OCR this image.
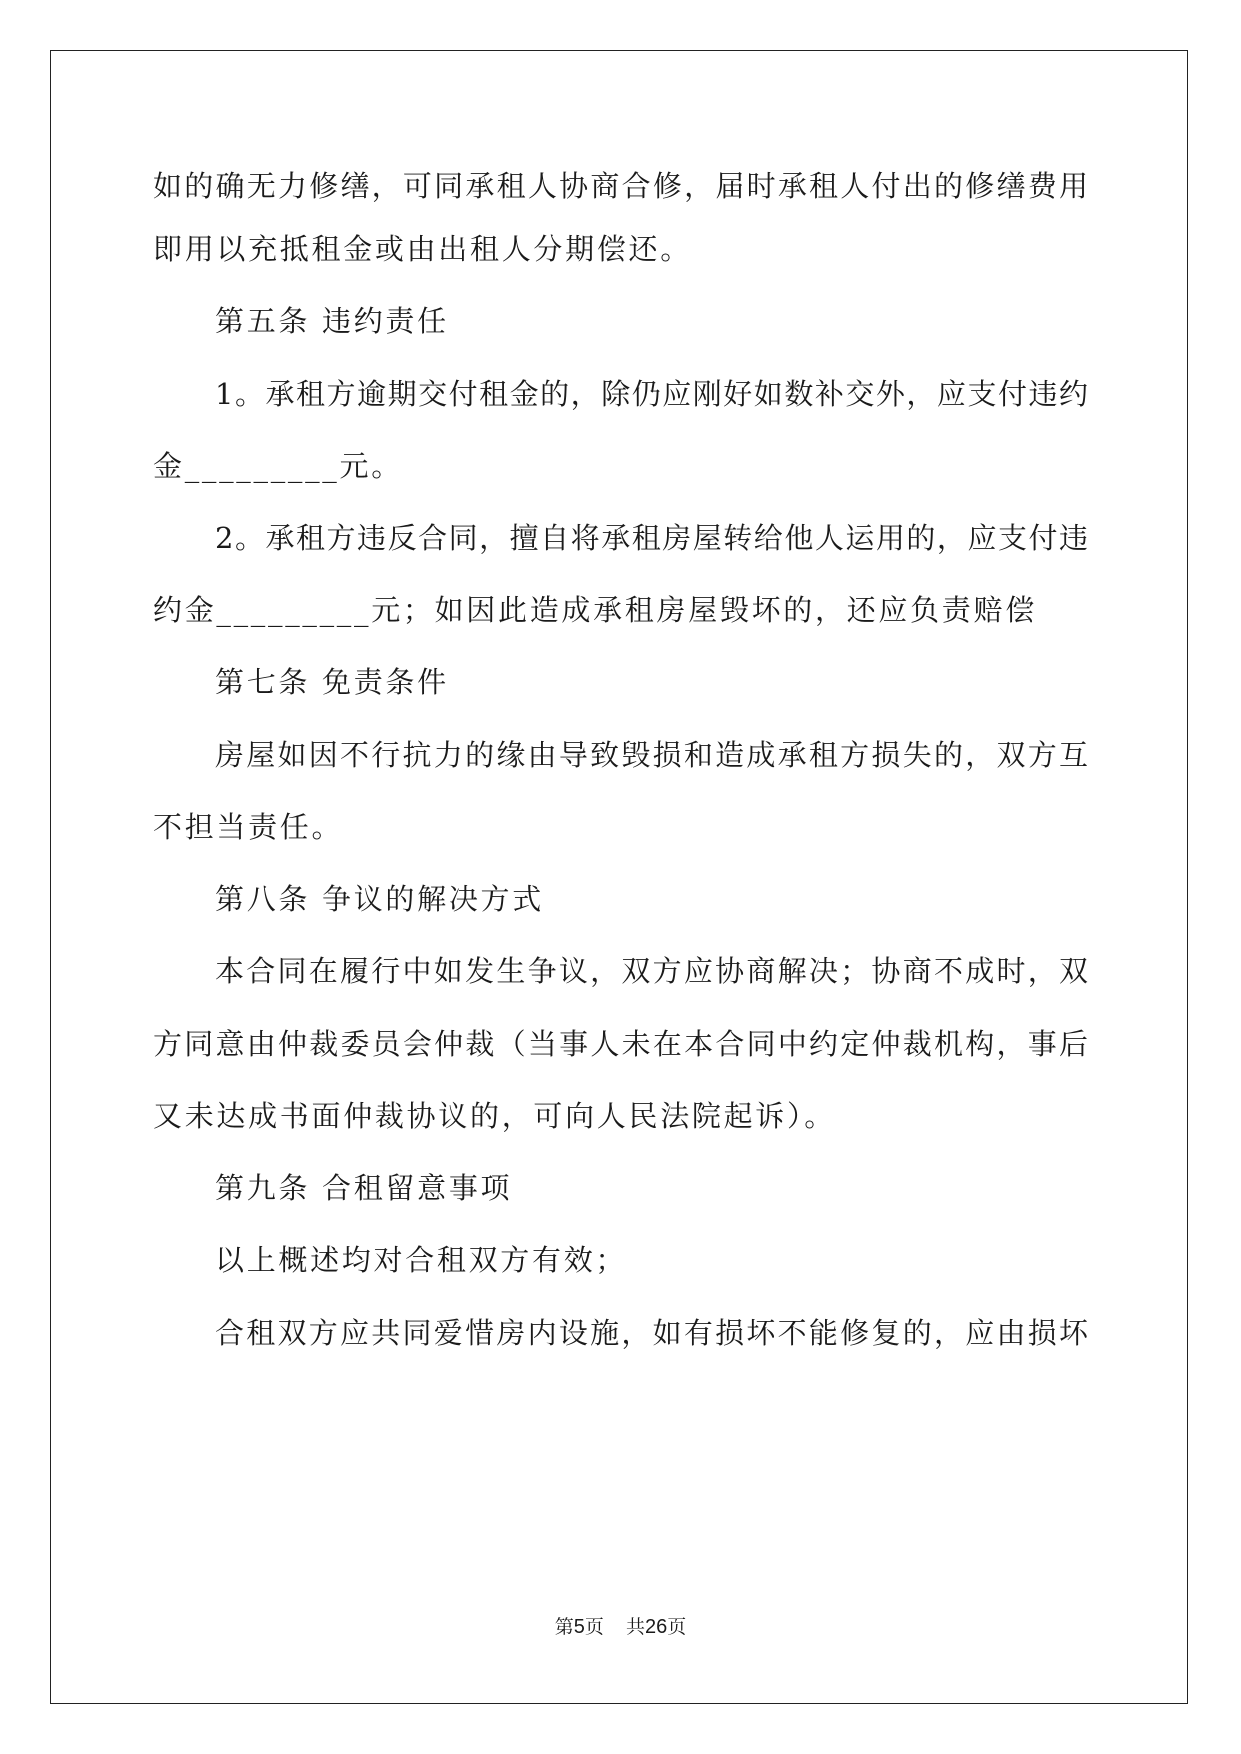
如的确无力修缮，可同承租人协商合修，届时承租人付出的修缮费用
即用以充抵租金或由出租人分期偿还。
第五条 违约责任
1。承租方逾期交付租金的，除仍应刚好如数补交外，应支付违约
金_________元。
2。承租方违反合同，擅自将承租房屋转给他人运用的，应支付违
约金_________元；如因此造成承租房屋毁坏的，还应负责赔偿
第七条 免责条件
房屋如因不行抗力的缘由导致毁损和造成承租方损失的，双方互
不担当责任。
第八条 争议的解决方式
本合同在履行中如发生争议，双方应协商解决；协商不成时，双
方同意由仲裁委员会仲裁（当事人未在本合同中约定仲裁机构，事后
又未达成书面仲裁协议的，可向人民法院起诉）。
第九条 合租留意事项
以上概述均对合租双方有效；
合租双方应共同爱惜房内设施，如有损坏不能修复的，应由损坏
第5页 共26页
